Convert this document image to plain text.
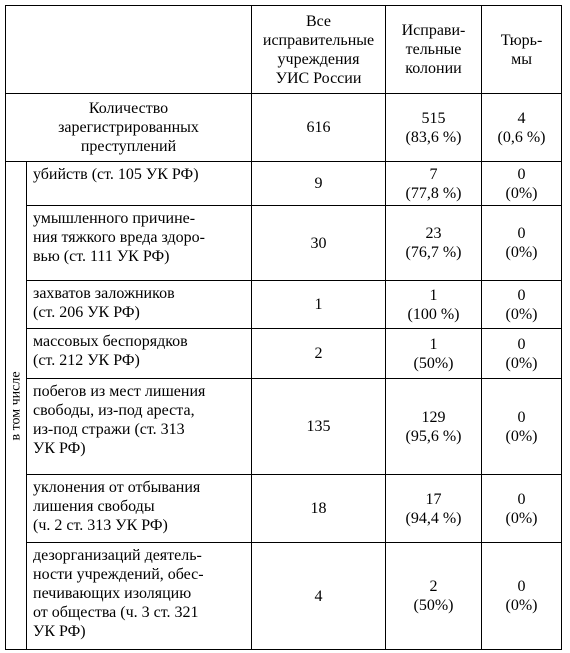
		Все
исправительные
учреждения
УИС России	Исправи-
тельные
колонии	Тюрь-
мы

Количество
зарегистрированных
преступлений		616	515
(83,6 %)	4
(0,6 %)

в том числе	убийств (ст. 105 УК РФ)	9	7
(77,8 %)	0
(0%)

	умышленного причине-
ния тяжкого вреда здоро-
вью (ст. 111 УК РФ)	30	23
(76,7 %)	0
(0%)

	захватов заложников
(ст. 206 УК РФ)	1	1
(100 %)	0
(0%)

	массовых беспорядков
(ст. 212 УК РФ)	2	1
(50%)	0
(0%)

	побегов из мест лишения
свободы, из-под ареста,
из-под стражи (ст. 313
УК РФ)	135	129
(95,6 %)	0
(0%)

	уклонения от отбывания
лишения свободы
(ч. 2 ст. 313 УК РФ)	18	17
(94,4 %)	0
(0%)

	дезорганизаций деятель-
ности учреждений, обес-
печивающих изоляцию
от общества (ч. 3 ст. 321
УК РФ)	4	2
(50%)	0
(0%)
